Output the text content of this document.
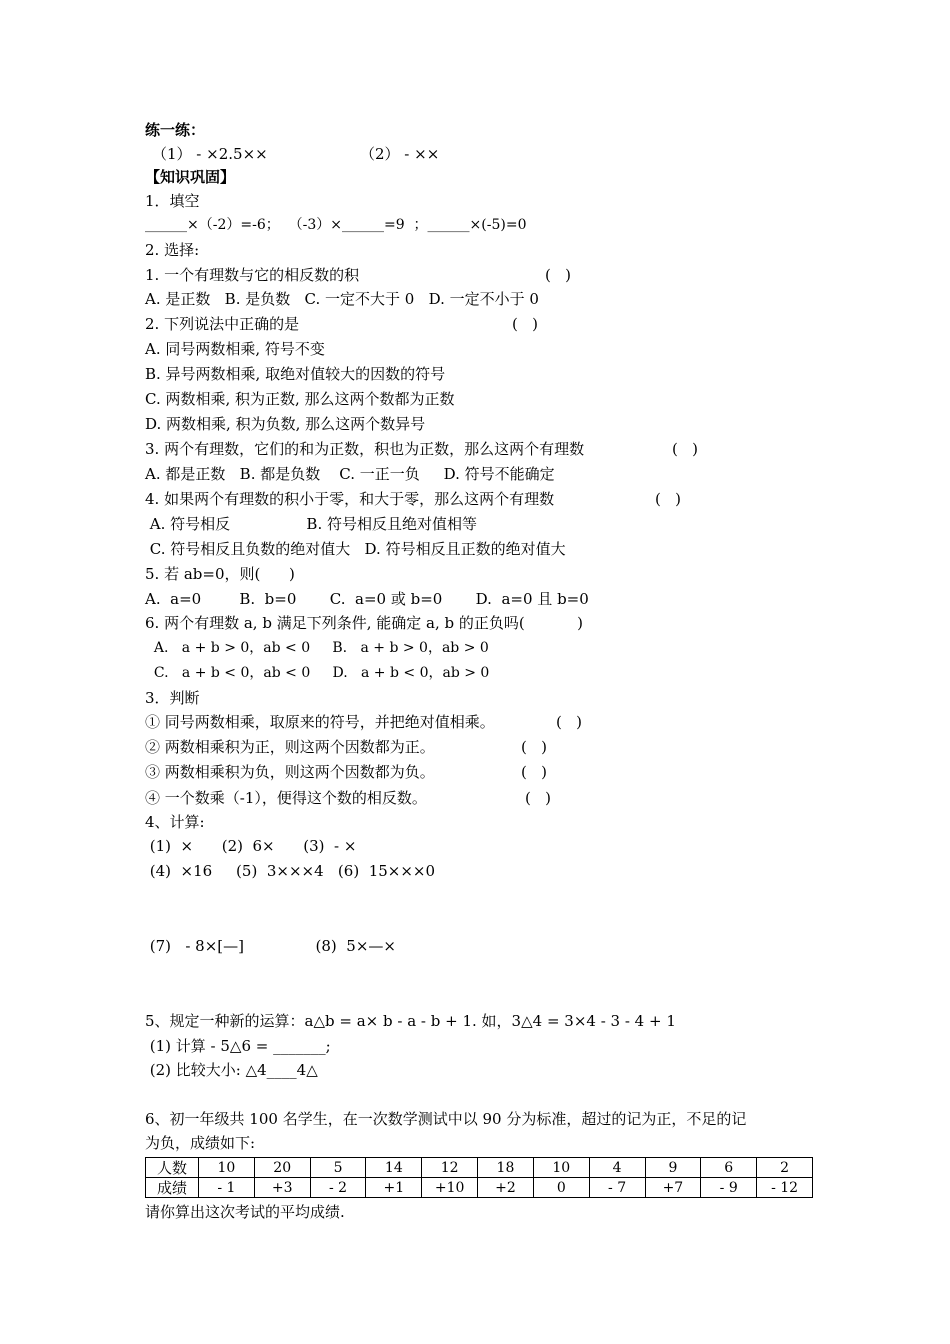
练一练：
（1） - ×2.5××	（2） - ××
【知识巩固】
1．填空
______×（-2）=-6；  （-3）×______=9  ；______×(-5)=0
2. 选择:
1. 一个有理数与它的相反数的积	(   )
A. 是正数   B. 是负数   C. 一定不大于 0   D. 一定不小于 0
2. 下列说法中正确的是	(   )
A. 同号两数相乘, 符号不变
B. 异号两数相乘, 取绝对值较大的因数的符号
C. 两数相乘, 积为正数, 那么这两个数都为正数
D. 两数相乘, 积为负数, 那么这两个数异号
3. 两个有理数，它们的和为正数，积也为正数，那么这两个有理数	(   )
A. 都是正数   B. 都是负数    C. 一正一负     D. 符号不能确定
4. 如果两个有理数的积小于零，和大于零，那么这两个有理数	(   )
A. 符号相反                B. 符号相反且绝对值相等
C. 符号相反且负数的绝对值大   D. 符号相反且正数的绝对值大
5. 若 ab=0，则(      )
A.  a=0        B.  b=0       C.  a=0 或 b=0       D.  a=0 且 b=0
6. 两个有理数 a, b 满足下列条件, 能确定 a, b 的正负吗(           )
A.   a + b > 0，ab < 0     B.   a + b > 0，ab > 0
C.   a + b < 0，ab < 0     D.   a + b < 0，ab > 0
3．判断
① 同号两数相乘，取原来的符号，并把绝对值相乘。	(   )
② 两数相乘积为正，则这两个因数都为正。	(   )
③ 两数相乘积为负，则这两个因数都为负。	(   )
④ 一个数乘（-1），便得这个数的相反数。	(   )
4、计算:
(1)  ×      (2)  6×      (3)  - ×
(4)  ×16     (5)  3×××4   (6)  15×××0
(7)   - 8×[—]               (8)  5×—×
5、规定一种新的运算：a△b = a× b - a - b + 1. 如，3△4 = 3×4 - 3 - 4 + 1
(1) 计算 - 5△6 = _______;
(2) 比较大小: △4____4△
6、初一年级共 100 名学生，在一次数学测试中以 90 分为标准，超过的记为正，不足的记
为负，成绩如下:
人数	10	20	5	14	12	18	10	4	9	6	2
成绩	- 1	+3	- 2	+1	+10	+2	0	- 7	+7	- 9	- 12
请你算出这次考试的平均成绩.
